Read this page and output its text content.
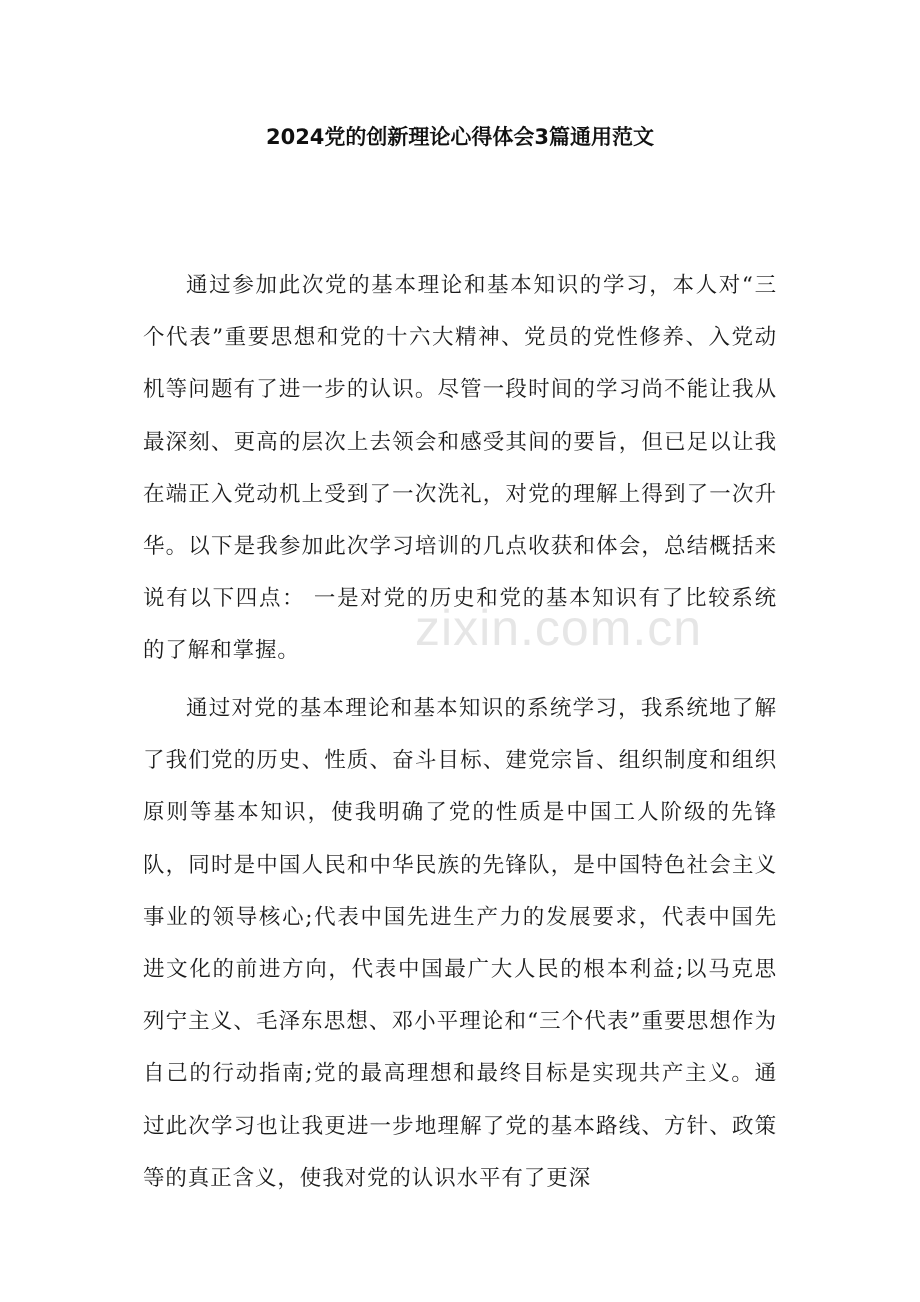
2024党的创新理论心得体会3篇通用范文

通过参加此次党的基本理论和基本知识的学习，本人对“三个代表”重要思想和党的十六大精神、党员的党性修养、入党动机等问题有了进一步的认识。尽管一段时间的学习尚不能让我从最深刻、更高的层次上去领会和感受其间的要旨，但已足以让我在端正入党动机上受到了一次洗礼，对党的理解上得到了一次升华。以下是我参加此次学习培训的几点收获和体会，总结概括来说有以下四点： 一是对党的历史和党的基本知识有了比较系统的了解和掌握。

通过对党的基本理论和基本知识的系统学习，我系统地了解了我们党的历史、性质、奋斗目标、建党宗旨、组织制度和组织原则等基本知识，使我明确了党的性质是中国工人阶级的先锋队，同时是中国人民和中华民族的先锋队，是中国特色社会主义事业的领导核心;代表中国先进生产力的发展要求，代表中国先进文化的前进方向，代表中国最广大人民的根本利益;以马克思列宁主义、毛泽东思想、邓小平理论和“三个代表”重要思想作为自己的行动指南;党的最高理想和最终目标是实现共产主义。通过此次学习也让我更进一步地理解了党的基本路线、方针、政策等的真正含义，使我对党的认识水平有了更深

zixin.com.cn
